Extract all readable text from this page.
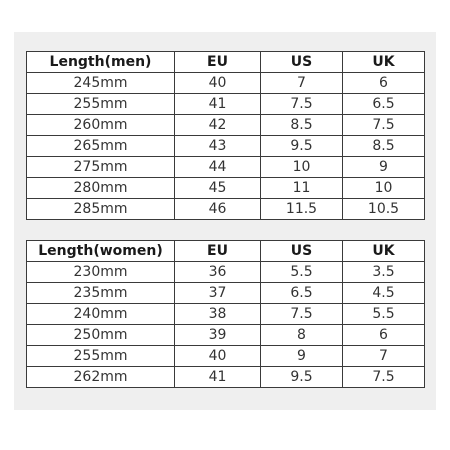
Length(men)	EU	US	UK
245mm	40	7	6
255mm	41	7.5	6.5
260mm	42	8.5	7.5
265mm	43	9.5	8.5
275mm	44	10	9
280mm	45	11	10
285mm	46	11.5	10.5
Length(women)	EU	US	UK
230mm	36	5.5	3.5
235mm	37	6.5	4.5
240mm	38	7.5	5.5
250mm	39	8	6
255mm	40	9	7
262mm	41	9.5	7.5
